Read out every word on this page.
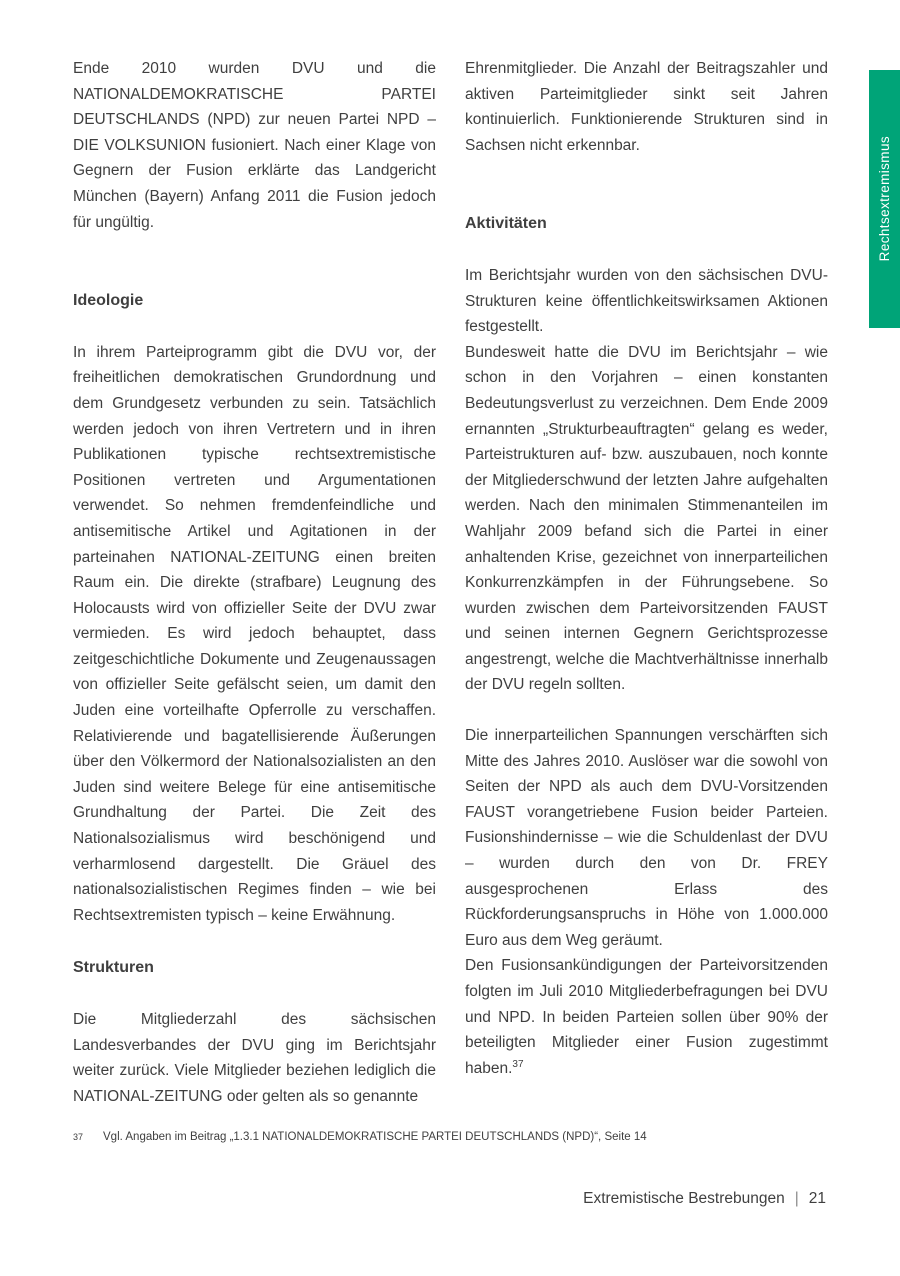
Rechtsextremismus

Ende 2010 wurden DVU und die NATIONALDEMOKRATISCHE PARTEI DEUTSCHLANDS (NPD) zur neuen Partei NPD – DIE VOLKSUNION fusioniert. Nach einer Klage von Gegnern der Fusion erklärte das Landgericht München (Bayern) Anfang 2011 die Fusion jedoch für ungültig.

Ideologie

In ihrem Parteiprogramm gibt die DVU vor, der freiheitlichen demokratischen Grundordnung und dem Grundgesetz verbunden zu sein. Tatsächlich werden jedoch von ihren Vertretern und in ihren Publikationen typische rechtsextremistische Positionen vertreten und Argumentationen verwendet. So nehmen fremdenfeindliche und antisemitische Artikel und Agitationen in der parteinahen NATIONAL-ZEITUNG einen breiten Raum ein. Die direkte (strafbare) Leugnung des Holocausts wird von offizieller Seite der DVU zwar vermieden. Es wird jedoch behauptet, dass zeitgeschichtliche Dokumente und Zeugenaussagen von offizieller Seite gefälscht seien, um damit den Juden eine vorteilhafte Opferrolle zu verschaffen. Relativierende und bagatellisierende Äußerungen über den Völkermord der Nationalsozialisten an den Juden sind weitere Belege für eine antisemitische Grundhaltung der Partei. Die Zeit des Nationalsozialismus wird beschönigend und verharmlosend dargestellt. Die Gräuel des nationalsozialistischen Regimes finden – wie bei Rechtsextremisten typisch – keine Erwähnung.

Strukturen

Die Mitgliederzahl des sächsischen Landesverbandes der DVU ging im Berichtsjahr weiter zurück. Viele Mitglieder beziehen lediglich die NATIONAL-ZEITUNG oder gelten als so genannte

Ehrenmitglieder. Die Anzahl der Beitragszahler und aktiven Parteimitglieder sinkt seit Jahren kontinuierlich. Funktionierende Strukturen sind in Sachsen nicht erkennbar.

Aktivitäten

Im Berichtsjahr wurden von den sächsischen DVU-Strukturen keine öffentlichkeitswirksamen Aktionen festgestellt.

Bundesweit hatte die DVU im Berichtsjahr – wie schon in den Vorjahren – einen konstanten Bedeutungsverlust zu verzeichnen. Dem Ende 2009 ernannten „Strukturbeauftragten“ gelang es weder, Parteistrukturen auf- bzw. auszubauen, noch konnte der Mitgliederschwund der letzten Jahre aufgehalten werden. Nach den minimalen Stimmenanteilen im Wahljahr 2009 befand sich die Partei in einer anhaltenden Krise, gezeichnet von innerparteilichen Konkurrenzkämpfen in der Führungsebene. So wurden zwischen dem Parteivorsitzenden FAUST und seinen internen Gegnern Gerichtsprozesse angestrengt, welche die Machtverhältnisse innerhalb der DVU regeln sollten.

Die innerparteilichen Spannungen verschärften sich Mitte des Jahres 2010. Auslöser war die sowohl von Seiten der NPD als auch dem DVU-Vorsitzenden FAUST vorangetriebene Fusion beider Parteien. Fusionshindernisse – wie die Schuldenlast der DVU – wurden durch den von Dr. FREY ausgesprochenen Erlass des Rückforderungsanspruchs in Höhe von 1.000.000 Euro aus dem Weg geräumt.

Den Fusionsankündigungen der Parteivorsitzenden folgten im Juli 2010 Mitgliederbefragungen bei DVU und NPD. In beiden Parteien sollen über 90% der beteiligten Mitglieder einer Fusion zugestimmt haben.$^{37}$

37 Vgl. Angaben im Beitrag „1.3.1 NATIONALDEMOKRATISCHE PARTEI DEUTSCHLANDS (NPD)“, Seite 14
Extremistische Bestrebungen | 21
